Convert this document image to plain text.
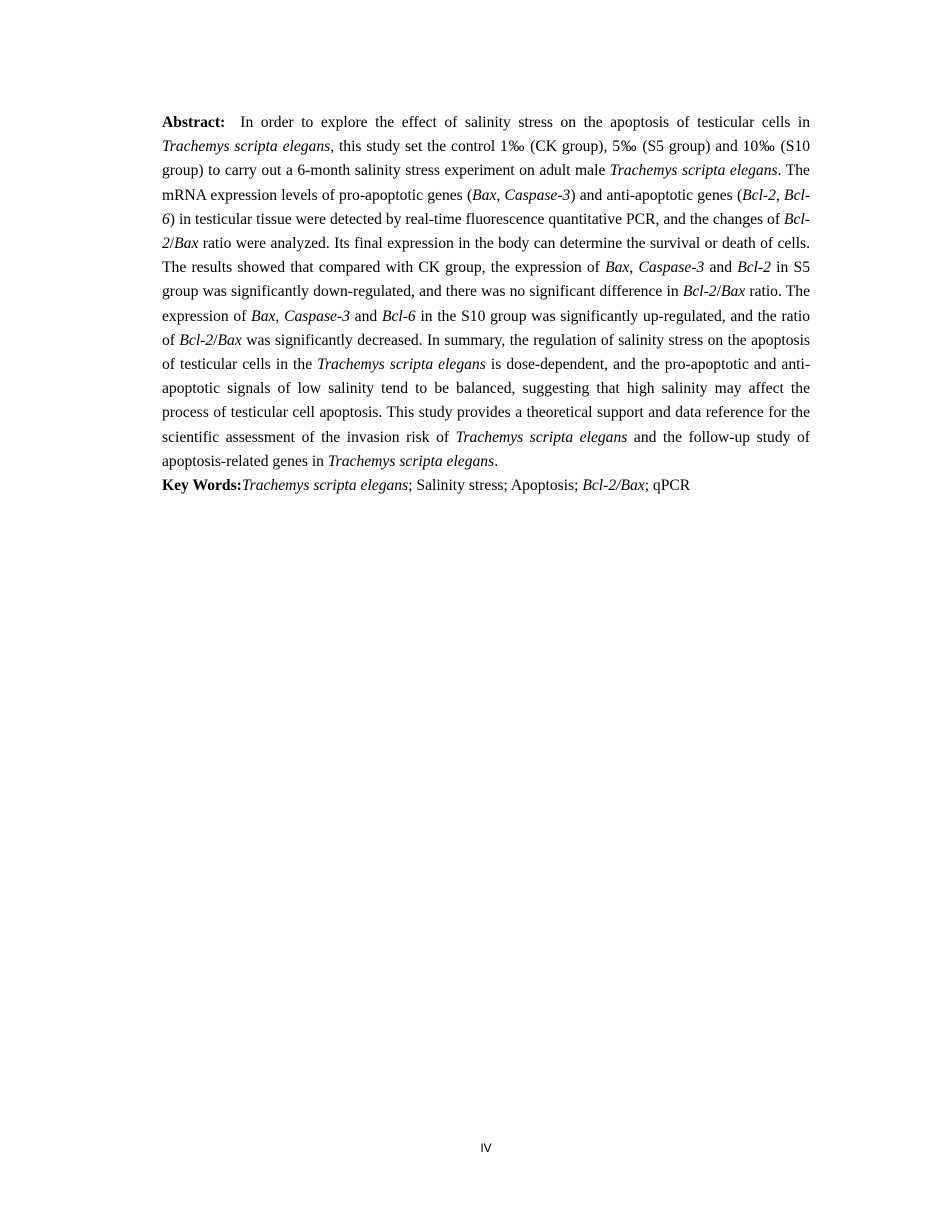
Abstract: In order to explore the effect of salinity stress on the apoptosis of testicular cells in Trachemys scripta elegans, this study set the control 1‰ (CK group), 5‰ (S5 group) and 10‰ (S10 group) to carry out a 6-month salinity stress experiment on adult male Trachemys scripta elegans. The mRNA expression levels of pro-apoptotic genes (Bax, Caspase-3) and anti-apoptotic genes (Bcl-2, Bcl-6) in testicular tissue were detected by real-time fluorescence quantitative PCR, and the changes of Bcl-2/Bax ratio were analyzed. Its final expression in the body can determine the survival or death of cells. The results showed that compared with CK group, the expression of Bax, Caspase-3 and Bcl-2 in S5 group was significantly down-regulated, and there was no significant difference in Bcl-2/Bax ratio. The expression of Bax, Caspase-3 and Bcl-6 in the S10 group was significantly up-regulated, and the ratio of Bcl-2/Bax was significantly decreased. In summary, the regulation of salinity stress on the apoptosis of testicular cells in the Trachemys scripta elegans is dose-dependent, and the pro-apoptotic and anti-apoptotic signals of low salinity tend to be balanced, suggesting that high salinity may affect the process of testicular cell apoptosis. This study provides a theoretical support and data reference for the scientific assessment of the invasion risk of Trachemys scripta elegans and the follow-up study of apoptosis-related genes in Trachemys scripta elegans.

Key Words:Trachemys scripta elegans; Salinity stress; Apoptosis; Bcl-2/Bax; qPCR

IV
